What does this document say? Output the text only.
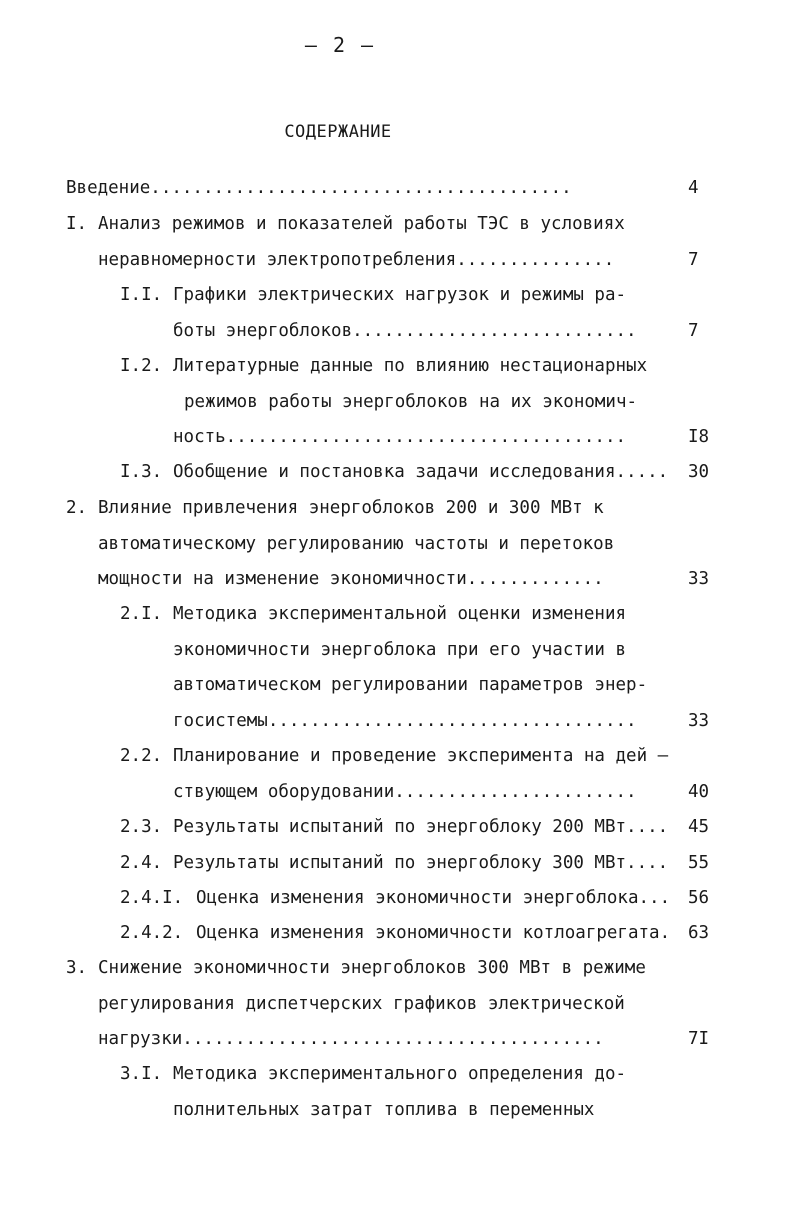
– 2 –
СОДЕРЖАНИЕ
Введение........................................	4
I. Анализ режимов и показателей работы ТЭС в условиях
неравномерности электропотребления...............	7
I.I. Графики электрических нагрузок и режимы ра-
боты энергоблоков...........................	7
I.2. Литературные данные по влиянию нестационарных
режимов работы энергоблоков на их экономич-
ность......................................	I8
I.3. Обобщение и постановка задачи исследования..... 30
2. Влияние привлечения энергоблоков 200 и 300 МВт к
автоматическому регулированию частоты и перетоков
мощности на изменение экономичности.............	33
2.I. Методика экспериментальной оценки изменения
экономичности энергоблока при его участии в
автоматическом регулировании параметров энер-
госистемы...................................	33
2.2. Планирование и проведение эксперимента на дей –
ствующем оборудовании.......................	40
2.3. Результаты испытаний по энергоблоку 200 МВт.... 45
2.4. Результаты испытаний по энергоблоку 300 МВт.... 55
2.4.I. Оценка изменения экономичности энергоблока... 56
2.4.2. Оценка изменения экономичности котлоагрегата. 63
3. Снижение экономичности энергоблоков 300 МВт в режиме
регулирования диспетчерских графиков электрической
нагрузки........................................	7I
3.I. Методика экспериментального определения до-
полнительных затрат топлива в переменных
